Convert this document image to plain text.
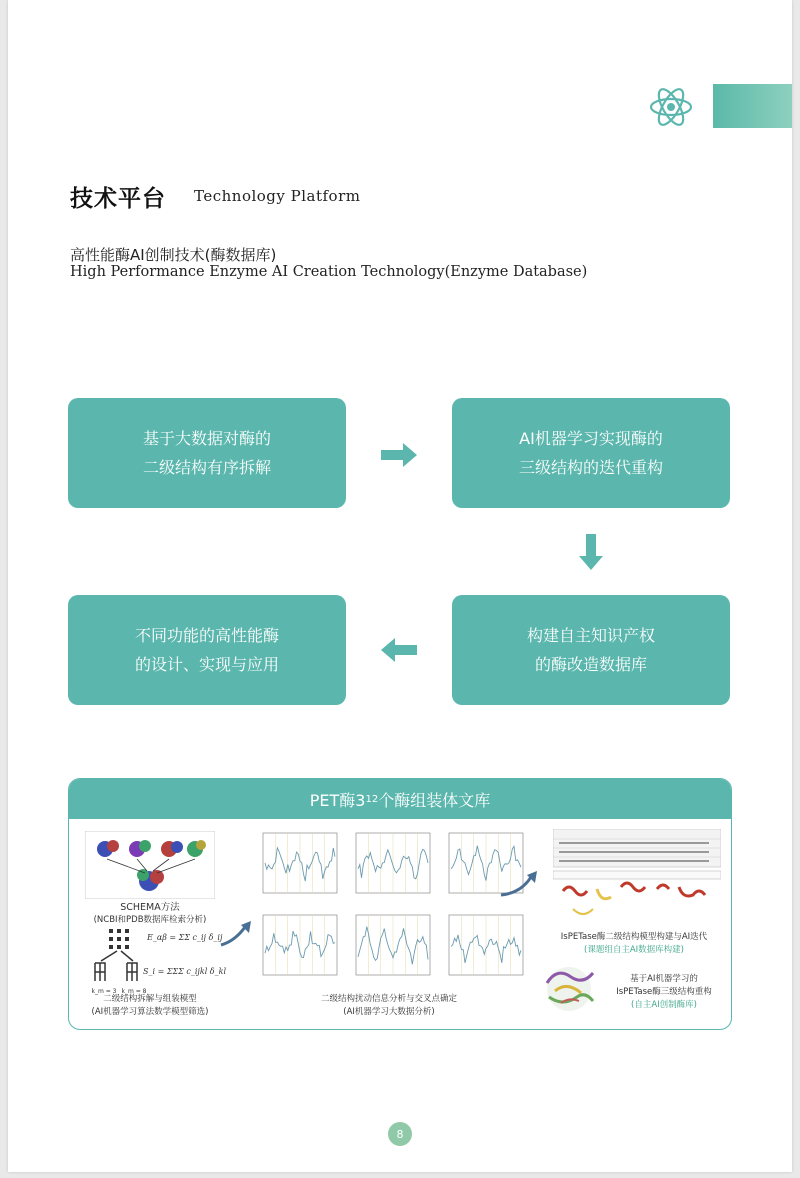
技术平台 Technology Platform
高性能酶AI创制技术(酶数据库)
High Performance Enzyme AI Creation Technology(Enzyme Database)
基于大数据对酶的
二级结构有序拆解
AI机器学习实现酶的
三级结构的迭代重构
构建自主知识产权
的酶改造数据库
不同功能的高性能酶
的设计、实现与应用
PET酶3 12 个酶组装体文库
SCHEMA方法
(NCBI和PDB数据库检索分析)
k_m = 3 k_m = 8
E_αβ = ΣΣ c_ij δ_ij
S_i = ΣΣΣ c_ijkl δ_kl
二级结构拆解与组装模型
(AI机器学习算法数学模型筛选)
二级结构扰动信息分析与交叉点确定
(AI机器学习大数据分析)
IsPETase酶二级结构模型构建与AI迭代
(课题组自主AI数据库构建)
基于AI机器学习的
IsPETase酶三级结构重构
(自主AI创制酶库)
8
